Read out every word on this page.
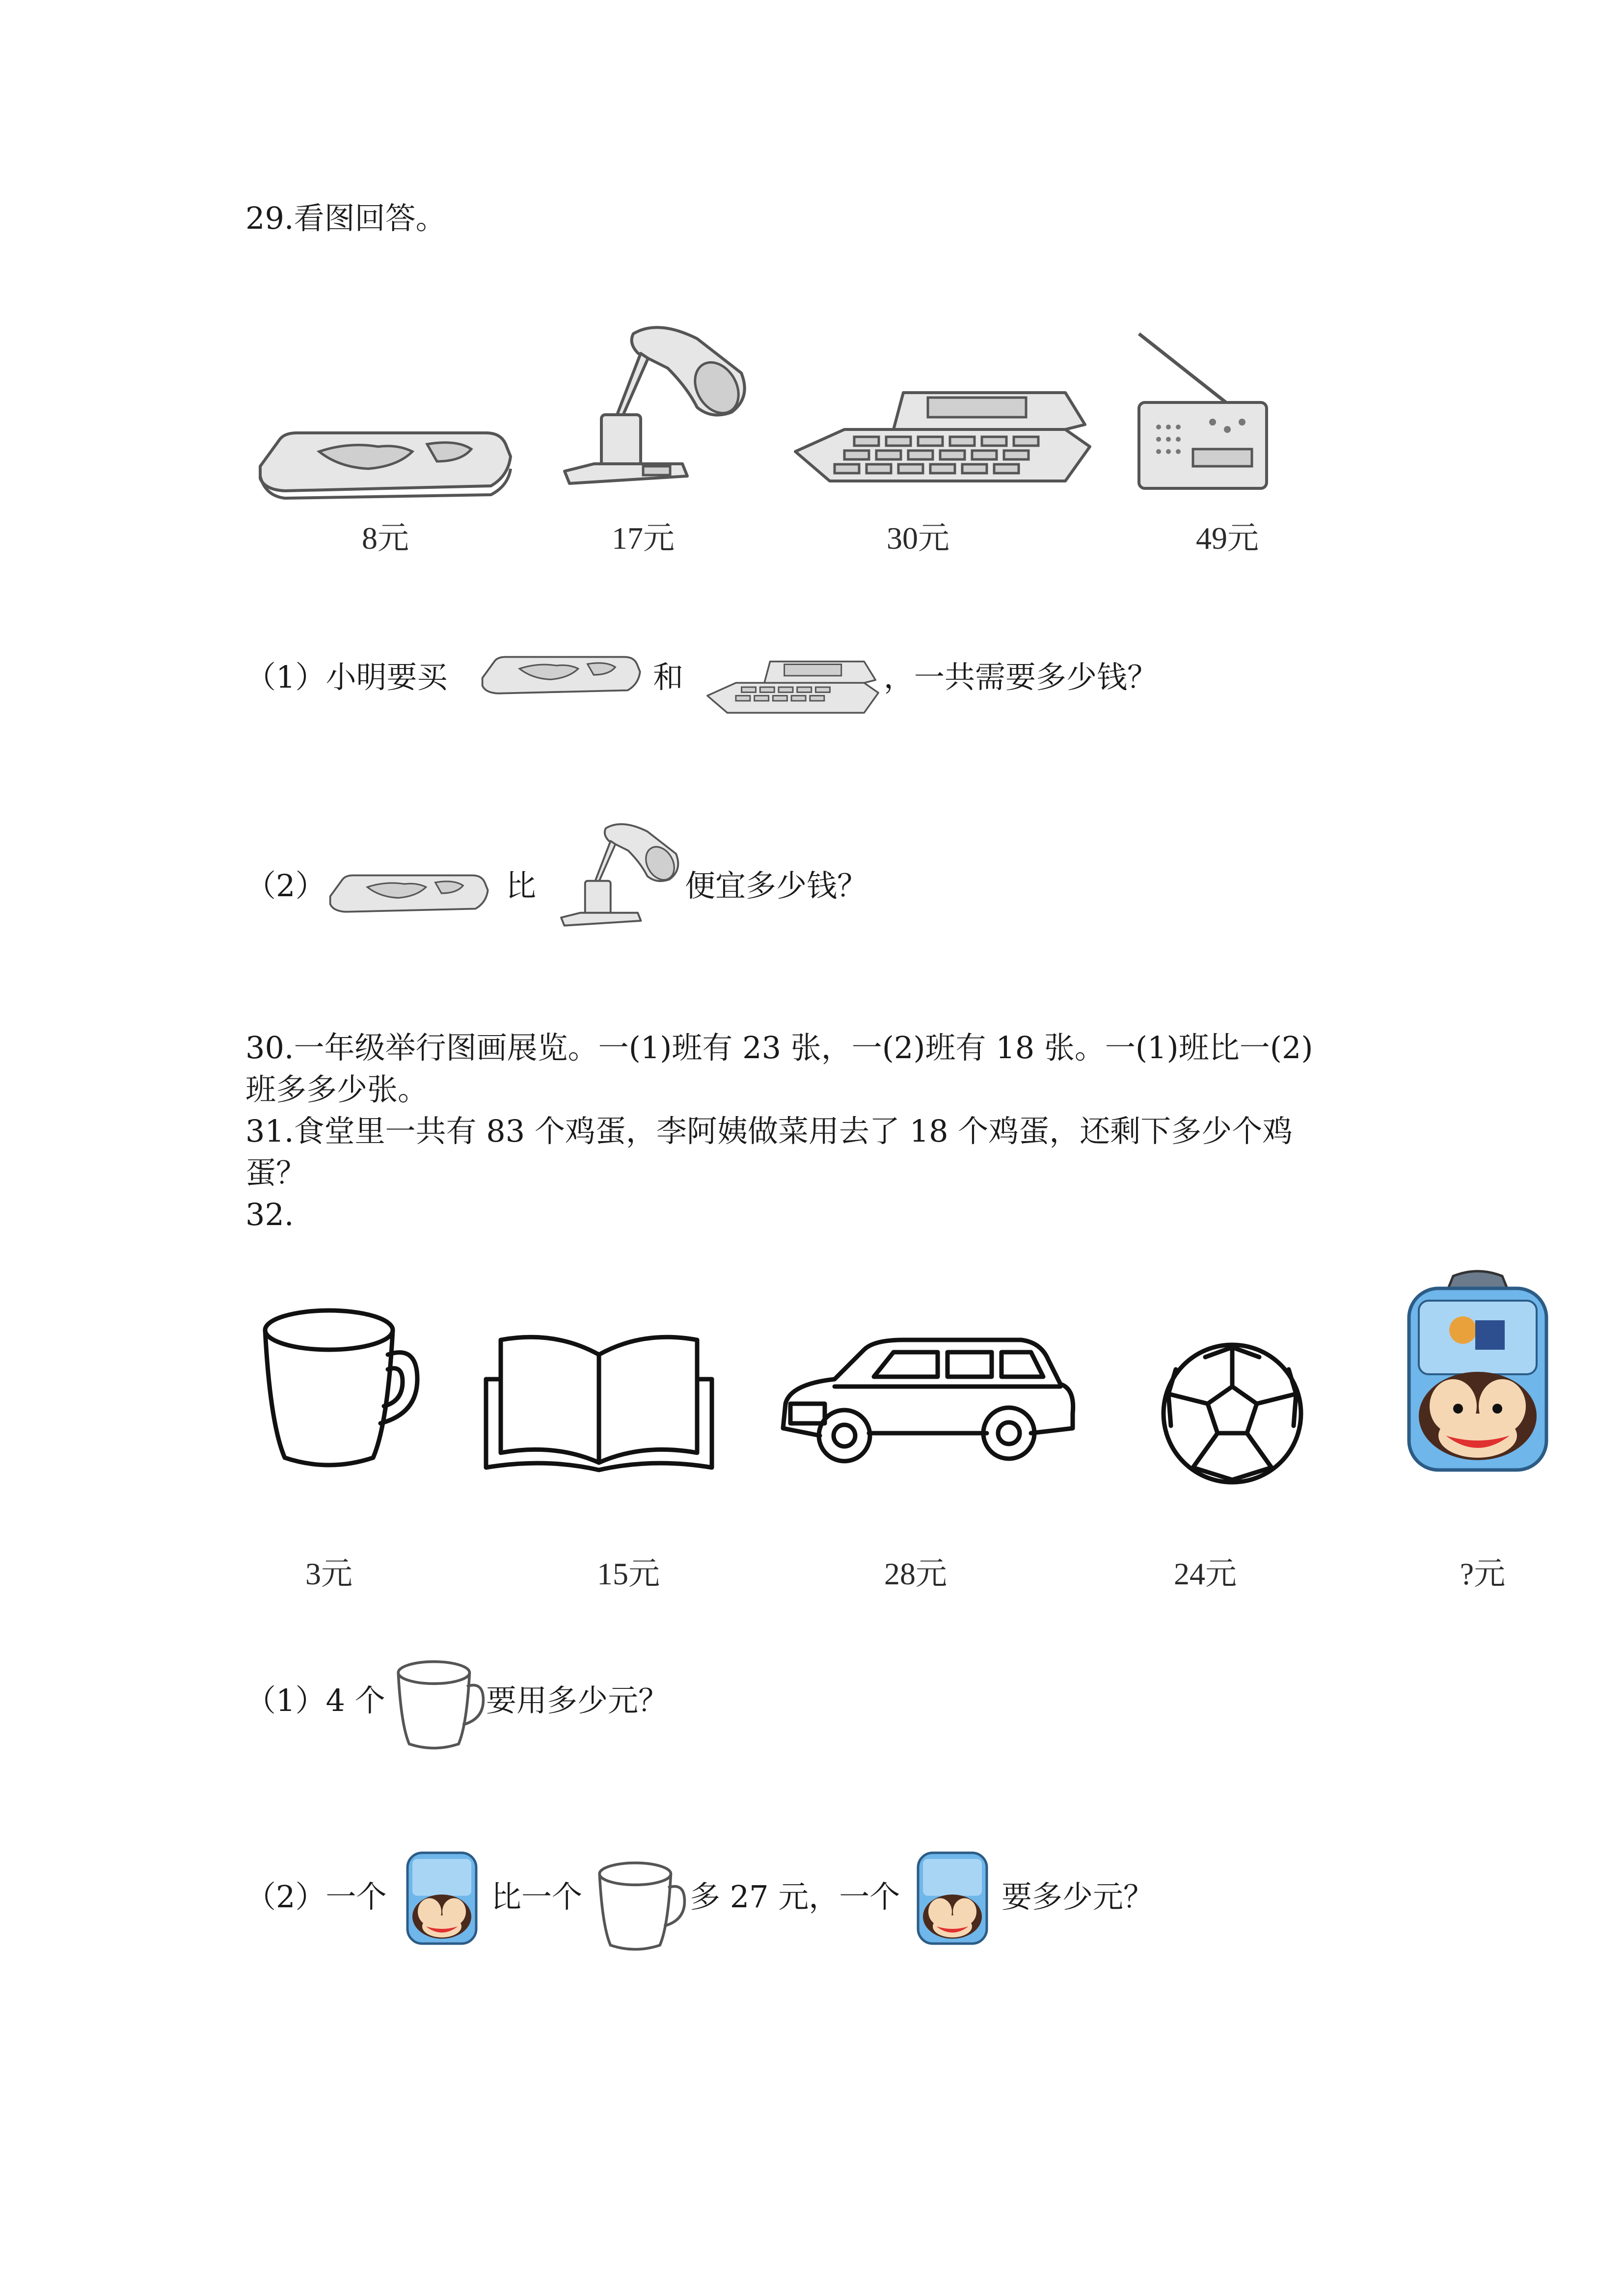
29.看图回答。
8元	17元	30元	49元
（1）小明要买	和	，一共需要多少钱？
（2）	比	便宜多少钱？
30.一年级举行图画展览。一(1)班有 23 张，一(2)班有 18 张。一(1)班比一(2)
班多多少张。
31.食堂里一共有 83 个鸡蛋，李阿姨做菜用去了 18 个鸡蛋，还剩下多少个鸡
蛋？
32.
3元	15元	28元	24元	?元
（1）4 个	要用多少元？
（2）一个	比一个	多 27 元，一个	要多少元？
